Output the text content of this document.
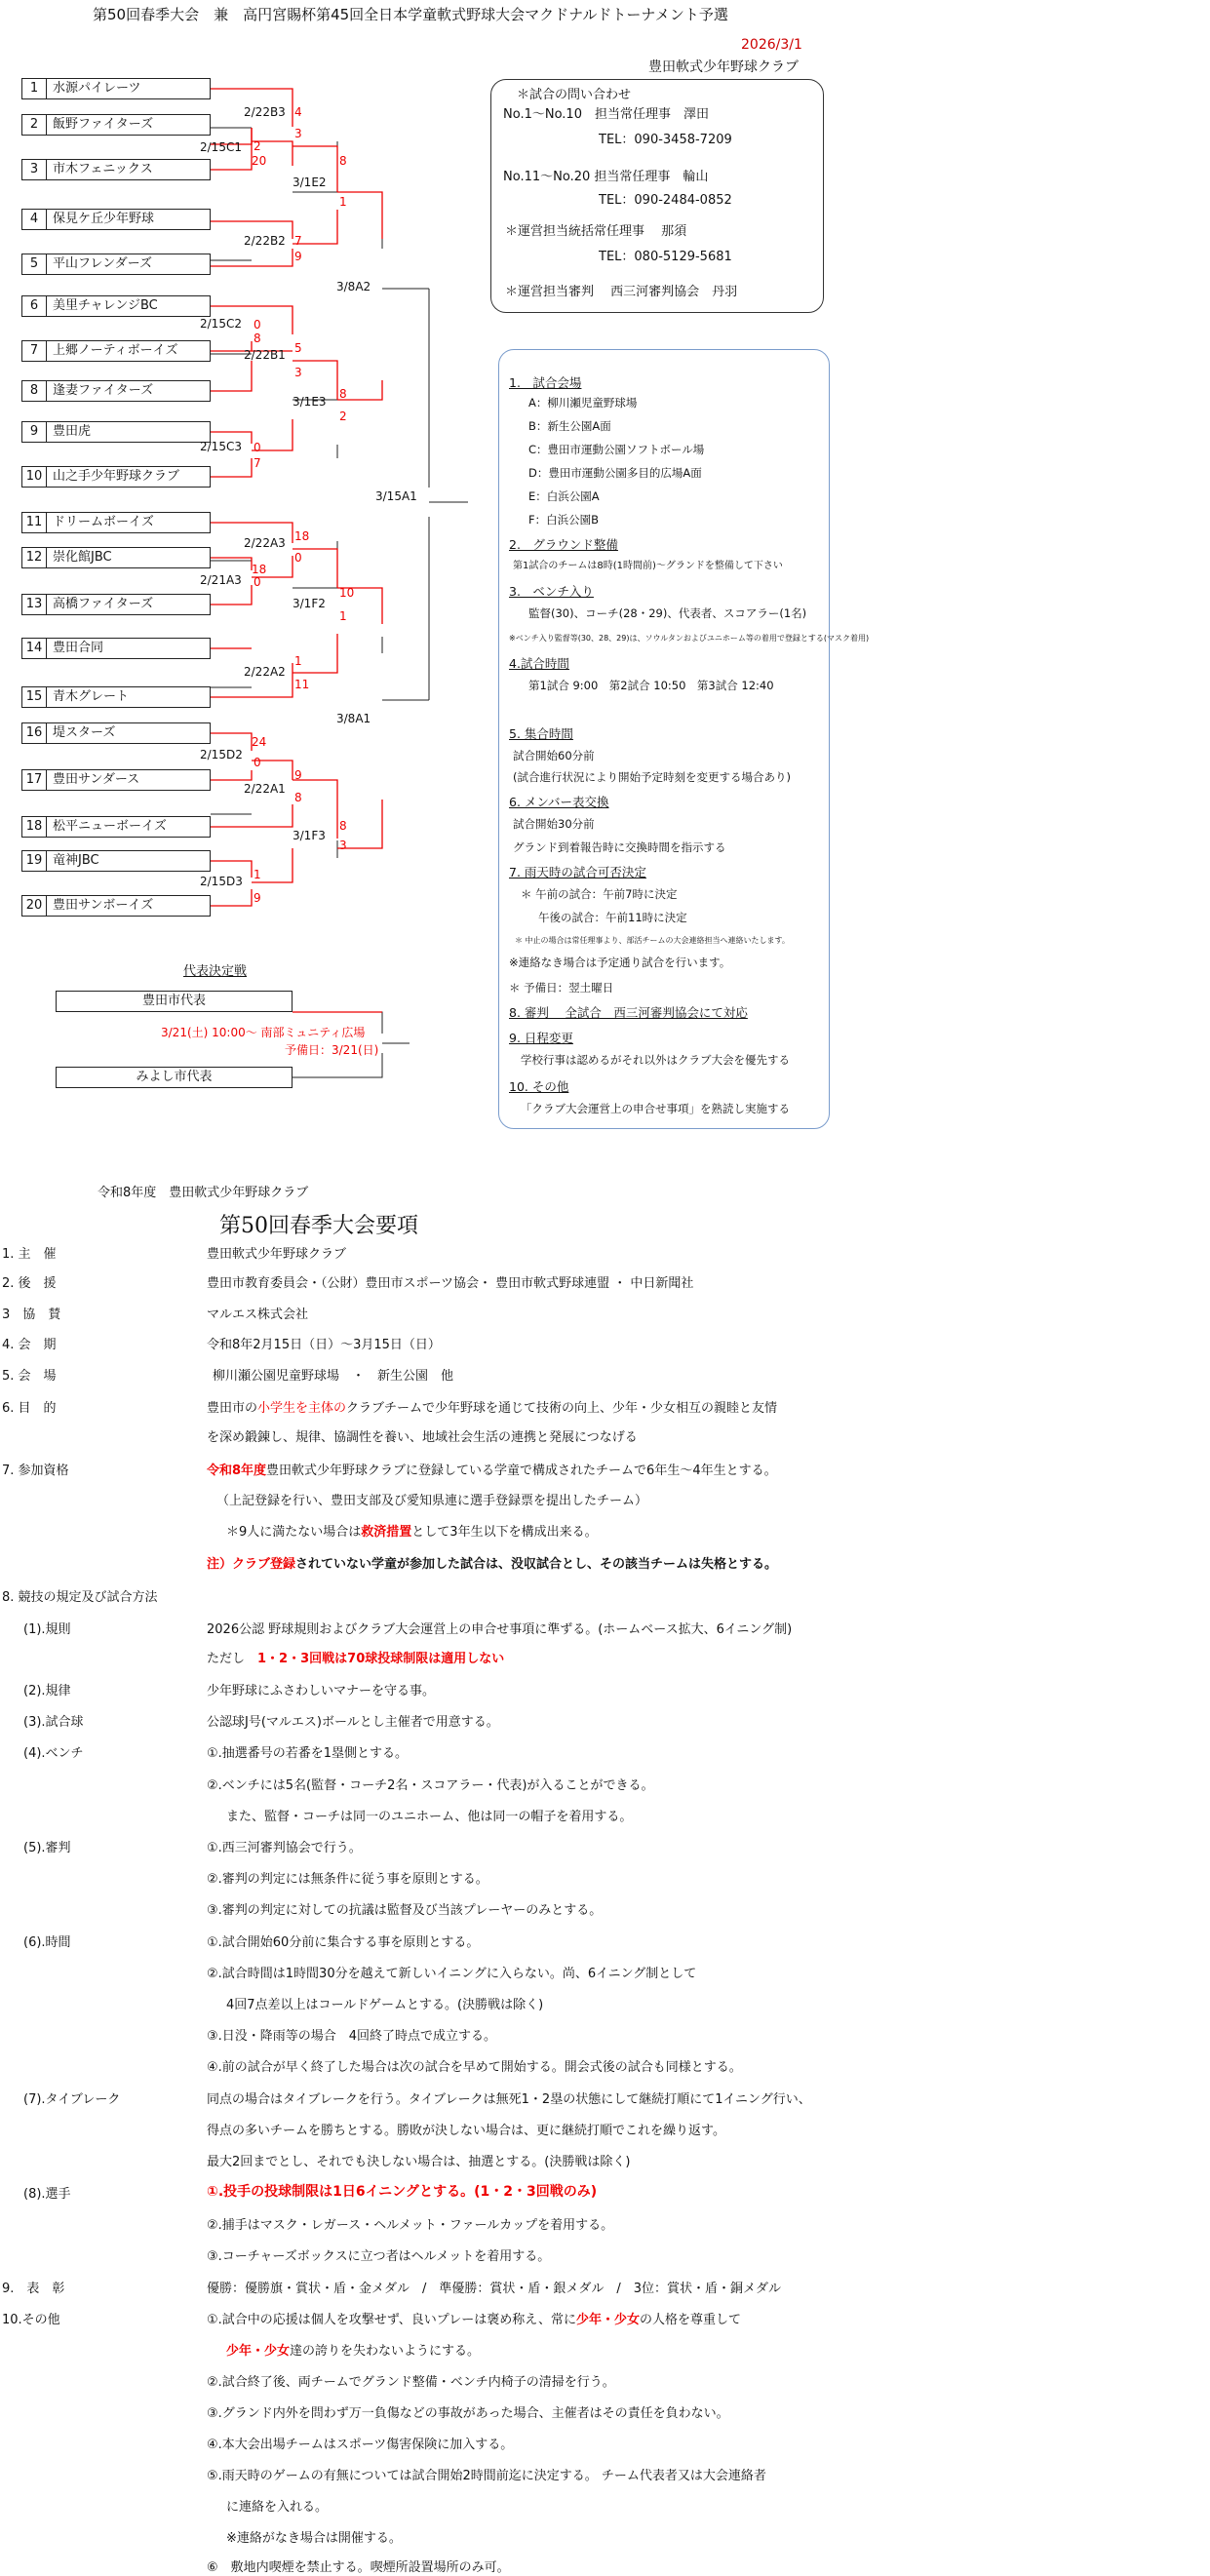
第50回春季大会　兼　高円宮賜杯第45回全日本学童軟式野球大会マクドナルドトーナメント予選
2026/3/1
豊田軟式少年野球クラブ
1 水源パイレーツ
2 飯野ファイターズ
3 市木フェニックス
4 保見ケ丘少年野球
5 平山フレンダーズ
6 美里チャレンジBC
7 上郷ノーティボーイズ
8 逢妻ファイターズ
9 豊田虎
10 山之手少年野球クラブ
11 ドリームボーイズ
12 崇化館JBC
13 高橋ファイターズ
14 豊田合同
15 青木グレート
16 堤スターズ
17 豊田サンダース
18 松平ニューボーイズ
19 竜神JBC
20 豊田サンボーイズ
2/22B3
2/15C1
2/22B2
3/1E2
2/15C2
2/22B1
2/15C3
3/1E3
3/8A2
2/22A3
2/21A3
2/22A2
3/1F2
2/15D2
2/22A1
2/15D3
3/1F3
3/8A1
3/15A1
4
3
2
20	8
1
7
9
0
8
5
3
0
7
8
2
18
0
18
0
1
11
10
1
24
0
9
8
1
9
8
3
＊試合の問い合わせ
No.1～No.10　担当常任理事　澤田
TEL：090-3458-7209
No.11～No.20 担当常任理事　輪山
TEL：090-2484-0852
＊運営担当統括常任理事　 那須
TEL：080-5129-5681
＊運営担当審判　 西三河審判協会　丹羽
1.　試合会場
A：柳川瀬児童野球場
B：新生公園A面
C：豊田市運動公園ソフトボール場
D：豊田市運動公園多目的広場A面
E：白浜公園A
F：白浜公園B
2.　グラウンド整備
第1試合のチームは8時(1時間前)～グランドを整備して下さい
3.　ベンチ入り
監督(30)、コーチ(28・29)、代表者、スコアラー(1名)
※ベンチ入り監督等(30、28、29)は、ソウルタンおよびユニホーム等の着用で登録とする(マスク着用)
4.試合時間
第1試合 9:00　第2試合 10:50　第3試合 12:40
5. 集合時間
試合開始60分前
(試合進行状況により開始予定時刻を変更する場合あり)
6. メンバー表交換
試合開始30分前
グランド到着報告時に交換時間を指示する
7. 雨天時の試合可否決定
＊ 午前の試合：午前7時に決定
午後の試合：午前11時に決定
＊ 中止の場合は常任理事より、部活チームの大会連絡担当へ連絡いたします。
※連絡なき場合は予定通り試合を行います。
＊ 予備日：翌土曜日
8. 審判　 全試合　西三河審判協会にて対応
9. 日程変更
学校行事は認めるがそれ以外はクラブ大会を優先する
10. その他
「クラブ大会運営上の申合せ事項」を熟読し実施する
代表決定戦
豊田市代表
3/21(土) 10:00～ 南部ミュニティ広場
予備日：3/21(日)
みよし市代表
令和8年度　豊田軟式少年野球クラブ
第50回春季大会要項
1. 主　催	豊田軟式少年野球クラブ
2. 後　援	豊田市教育委員会・（公財）豊田市スポーツ協会・ 豊田市軟式野球連盟 ・ 中日新聞社
3　協　賛	マルエス株式会社
4. 会　期	令和8年2月15日（日）～3月15日（日）
5. 会　場	柳川瀬公園児童野球場　・　新生公園　他
6. 目　的	豊田市の小学生を主体のクラブチームで少年野球を通じて技術の向上、少年・少女相互の親睦と友情
を深め鍛錬し、規律、協調性を養い、地域社会生活の連携と発展につなげる
7. 参加資格	令和8年度豊田軟式少年野球クラブに登録している学童で構成されたチームで6年生～4年生とする。
（上記登録を行い、豊田支部及び愛知県連に選手登録票を提出したチーム）
＊9人に満たない場合は救済措置として3年生以下を構成出来る。
注）クラブ登録されていない学童が参加した試合は、没収試合とし、その該当チームは失格とする。
8. 競技の規定及び試合方法
(1).規則	2026公認 野球規則およびクラブ大会運営上の申合せ事項に準ずる。(ホームベース拡大、6イニング制)
ただし　1・2・3回戦は70球投球制限は適用しない
(2).規律	少年野球にふさわしいマナーを守る事。
(3).試合球	公認球J号(マルエス)ボールとし主催者で用意する。
(4).ベンチ	①.抽選番号の若番を1塁側とする。
②.ベンチには5名(監督・コーチ2名・スコアラー・代表)が入ることができる。
また、監督・コーチは同一のユニホーム、他は同一の帽子を着用する。
(5).審判	①.西三河審判協会で行う。
②.審判の判定には無条件に従う事を原則とする。
③.審判の判定に対しての抗議は監督及び当該プレーヤーのみとする。
(6).時間	①.試合開始60分前に集合する事を原則とする。
②.試合時間は1時間30分を越えて新しいイニングに入らない。尚、6イニング制として
4回7点差以上はコールドゲームとする。(決勝戦は除く)
③.日没・降雨等の場合　4回終了時点で成立する。
④.前の試合が早く終了した場合は次の試合を早めて開始する。開会式後の試合も同様とする。
(7).タイブレーク	同点の場合はタイブレークを行う。タイブレークは無死1・2塁の状態にして継続打順にて1イニング行い、
得点の多いチームを勝ちとする。勝敗が決しない場合は、更に継続打順でこれを繰り返す。
最大2回までとし、それでも決しない場合は、抽選とする。(決勝戦は除く)
(8).選手	①.投手の投球制限は1日6イニングとする。(1・2・3回戦のみ)
②.捕手はマスク・レガース・ヘルメット・ファールカップを着用する。
③.コーチャーズボックスに立つ者はヘルメットを着用する。
9.　表　彰	優勝：優勝旗・賞状・盾・金メダル　/　準優勝：賞状・盾・銀メダル　/　3位：賞状・盾・銅メダル
10.その他	①.試合中の応援は個人を攻撃せず、良いプレーは褒め称え、常に少年・少女の人格を尊重して
少年・少女達の誇りを失わないようにする。
②.試合終了後、両チームでグランド整備・ベンチ内椅子の清掃を行う。
③.グランド内外を問わず万一負傷などの事故があった場合、主催者はその責任を負わない。
④.本大会出場チームはスポーツ傷害保険に加入する。
⑤.雨天時のゲームの有無については試合開始2時間前迄に決定する。 チーム代表者又は大会連絡者
に連絡を入れる。
※連絡がなき場合は開催する。
⑥　敷地内喫煙を禁止する。喫煙所設置場所のみ可。
